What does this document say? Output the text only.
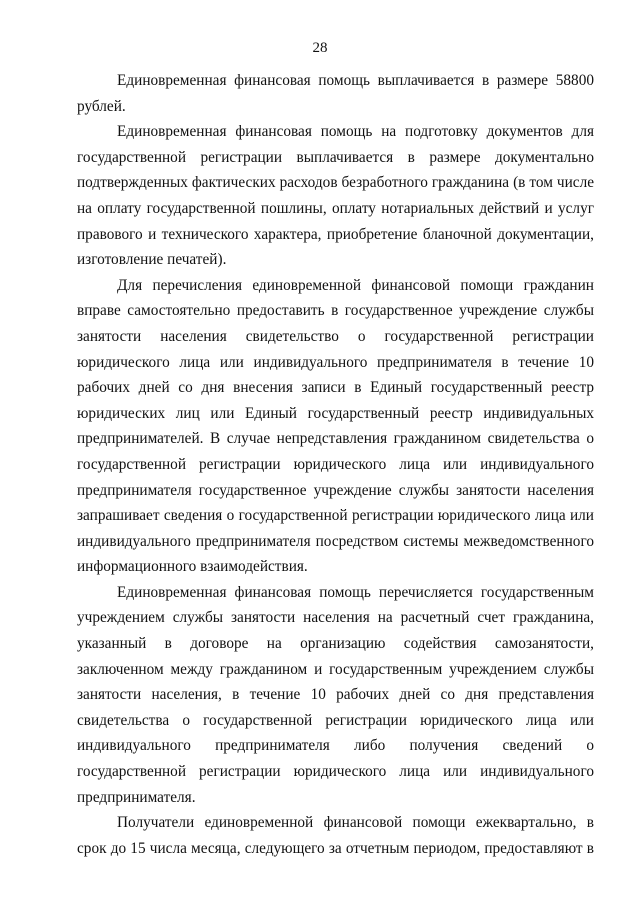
28

Единовременная финансовая помощь выплачивается в размере 58800 рублей.

Единовременная финансовая помощь на подготовку документов для государственной регистрации выплачивается в размере документально подтвержденных фактических расходов безработного гражданина (в том числе на оплату государственной пошлины, оплату нотариальных действий и услуг правового и технического характера, приобретение бланочной документации, изготовление печатей).

Для перечисления единовременной финансовой помощи гражданин вправе самостоятельно предоставить в государственное учреждение службы занятости населения свидетельство о государственной регистрации юридического лица или индивидуального предпринимателя в течение 10 рабочих дней со дня внесения записи в Единый государственный реестр юридических лиц или Единый государственный реестр индивидуальных предпринимателей. В случае непредставления гражданином свидетельства о государственной регистрации юридического лица или индивидуального предпринимателя государственное учреждение службы занятости населения запрашивает сведения о государственной регистрации юридического лица или индивидуального предпринимателя посредством системы межведомственного информационного взаимодействия.

Единовременная финансовая помощь перечисляется государственным учреждением службы занятости населения на расчетный счет гражданина, указанный в договоре на организацию содействия самозанятости, заключенном между гражданином и государственным учреждением службы занятости населения, в течение 10 рабочих дней со дня представления свидетельства о государственной регистрации юридического лица или индивидуального предпринимателя либо получения сведений о государственной регистрации юридического лица или индивидуального предпринимателя.

Получатели единовременной финансовой помощи ежеквартально, в срок до 15 числа месяца, следующего за отчетным периодом, предоставляют в
